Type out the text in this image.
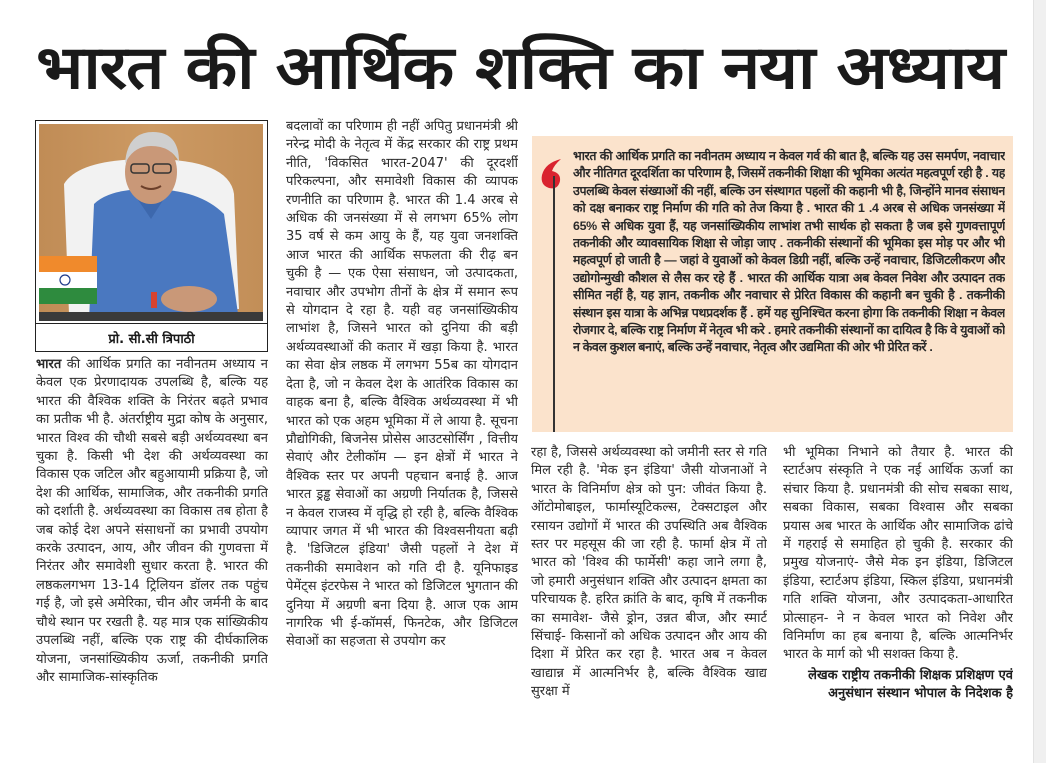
भारत की आर्थिक शक्ति का नया अध्याय
प्रो. सी.सी त्रिपाठी

भारत की आर्थिक प्रगति का नवीनतम अध्याय न केवल एक प्रेरणादायक उपलब्धि है, बल्कि यह भारत की वैश्विक शक्ति के निरंतर बढ़ते प्रभाव का प्रतीक भी है. अंतर्राष्ट्रीय मुद्रा कोष के अनुसार, भारत विश्व की चौथी सबसे बड़ी अर्थव्यवस्था बन चुका है. किसी भी देश की अर्थव्यवस्था का विकास एक जटिल और बहुआयामी प्रक्रिया है, जो देश की आर्थिक, सामाजिक, और तकनीकी प्रगति को दर्शाती है. अर्थव्यवस्था का विकास तब होता है जब कोई देश अपने संसाधनों का प्रभावी उपयोग करके उत्पादन, आय, और जीवन की गुणवत्ता में निरंतर और समावेशी सुधार करता है. भारत की लष्ठकलगभग 13-14 ट्रिलियन डॉलर तक पहुंच गई है, जो इसे अमेरिका, चीन और जर्मनी के बाद चौथे स्थान पर रखती है. यह मात्र एक सांख्यिकीय उपलब्धि नहीं, बल्कि एक राष्ट्र की दीर्घकालिक योजना, जनसांख्यिकीय ऊर्जा, तकनीकी प्रगति और सामाजिक-सांस्कृतिक

बदलावों का परिणाम ही नहीं अपितु प्रधानमंत्री श्री नरेन्द्र मोदी के नेतृत्व में केंद्र सरकार की राष्ट्र प्रथम नीति, 'विकसित भारत-2047' की दूरदर्शी परिकल्पना, और समावेशी विकास की व्यापक रणनीति का परिणाम है. भारत की 1.4 अरब से अधिक की जनसंख्या में से लगभग 65% लोग 35 वर्ष से कम आयु के हैं, यह युवा जनशक्ति आज भारत की आर्थिक सफलता की रीढ़ बन चुकी है — एक ऐसा संसाधन, जो उत्पादकता, नवाचार और उपभोग तीनों के क्षेत्र में समान रूप से योगदान दे रहा है. यही वह जनसांख्यिकीय लाभांश है, जिसने भारत को दुनिया की बड़ी अर्थव्यवस्थाओं की कतार में खड़ा किया है. भारत का सेवा क्षेत्र लष्ठक में लगभग 55ब का योगदान देता है, जो न केवल देश के आतंरिक विकास का वाहक बना है, बल्कि वैश्विक अर्थव्यवस्था में भी भारत को एक अहम भूमिका में ले आया है. सूचना प्रौद्योगिकी, बिजनेस प्रोसेस आउटसोर्सिंग , वित्तीय सेवाएं और टेलीकॉम — इन क्षेत्रों में भारत ने वैश्विक स्तर पर अपनी पहचान बनाई है. आज भारत ड्रड्ढ सेवाओं का अग्रणी निर्यातक है, जिससे न केवल राजस्व में वृद्धि हो रही है, बल्कि वैश्विक व्यापार जगत में भी भारत की विश्वसनीयता बढ़ी है. 'डिजिटल इंडिया' जैसी पहलों ने देश में तकनीकी समावेशन को गति दी है. यूनिफाइड पेमेंट्स इंटरफेस ने भारत को डिजिटल भुगतान की दुनिया में अग्रणी बना दिया है. आज एक आम नागरिक भी ई-कॉमर्स, फिनटेक, और डिजिटल सेवाओं का सहजता से उपयोग कर

भारत की आर्थिक प्रगति का नवीनतम अध्याय न केवल गर्व की बात है, बल्कि यह उस समर्पण, नवाचार और नीतिगत दूरदर्शिता का परिणाम है, जिसमें तकनीकी शिक्षा की भूमिका अत्यंत महत्वपूर्ण रही है . यह उपलब्धि केवल संख्याओं की नहीं, बल्कि उन संस्थागत पहलों की कहानी भी है, जिन्होंने मानव संसाधन को दक्ष बनाकर राष्ट्र निर्माण की गति को तेज किया है . भारत की 1 .4 अरब से अधिक जनसंख्या में 65% से अधिक युवा हैं, यह जनसांख्यिकीय लाभांश तभी सार्थक हो सकता है जब इसे गुणवत्तापूर्ण तकनीकी और व्यावसायिक शिक्षा से जोड़ा जाए . तकनीकी संस्थानों की भूमिका इस मोड़ पर और भी महत्वपूर्ण हो जाती है — जहां वे युवाओं को केवल डिग्री नहीं, बल्कि उन्हें नवाचार, डिजिटलीकरण और उद्योगोन्मुखी कौशल से लैस कर रहे हैं . भारत की आर्थिक यात्रा अब केवल निवेश और उत्पादन तक सीमित नहीं है, यह ज्ञान, तकनीक और नवाचार से प्रेरित विकास की कहानी बन चुकी है . तकनीकी संस्थान इस यात्रा के अभिन्न पथप्रदर्शक हैं . हमें यह सुनिश्चित करना होगा कि तकनीकी शिक्षा न केवल रोजगार दे, बल्कि राष्ट्र निर्माण में नेतृत्व भी करे . हमारे तकनीकी संस्थानों का दायित्व है कि वे युवाओं को न केवल कुशल बनाएं, बल्कि उन्हें नवाचार, नेतृत्व और उद्यमिता की ओर भी प्रेरित करें .

रहा है, जिससे अर्थव्यवस्था को जमीनी स्तर से गति मिल रही है. 'मेक इन इंडिया' जैसी योजनाओं ने भारत के विनिर्माण क्षेत्र को पुन: जीवंत किया है. ऑटोमोबाइल, फार्मास्यूटिकल्स, टेक्सटाइल और रसायन उद्योगों में भारत की उपस्थिति अब वैश्विक स्तर पर महसूस की जा रही है. फार्मा क्षेत्र में तो भारत को 'विश्व की फार्मेसी' कहा जाने लगा है, जो हमारी अनुसंधान शक्ति और उत्पादन क्षमता का परिचायक है. हरित क्रांति के बाद, कृषि में तकनीक का समावेश- जैसे ड्रोन, उन्नत बीज, और स्मार्ट सिंचाई- किसानों को अधिक उत्पादन और आय की दिशा में प्रेरित कर रहा है. भारत अब न केवल खाद्यान्न में आत्मनिर्भर है, बल्कि वैश्विक खाद्य सुरक्षा में

भी भूमिका निभाने को तैयार है. भारत की स्टार्टअप संस्कृति ने एक नई आर्थिक ऊर्जा का संचार किया है. प्रधानमंत्री की सोच सबका साथ, सबका विकास, सबका विश्वास और सबका प्रयास अब भारत के आर्थिक और सामाजिक ढांचे में गहराई से समाहित हो चुकी है. सरकार की प्रमुख योजनाएं- जैसे मेक इन इंडिया, डिजिटल इंडिया, स्टार्टअप इंडिया, स्किल इंडिया, प्रधानमंत्री गति शक्ति योजना, और उत्पादकता-आधारित प्रोत्साहन- ने न केवल भारत को निवेश और विनिर्माण का हब बनाया है, बल्कि आत्मनिर्भर भारत के मार्ग को भी सशक्त किया है.

लेखक राष्ट्रीय तकनीकी शिक्षक प्रशिक्षण एवं अनुसंधान संस्थान भोपाल के निदेशक है
